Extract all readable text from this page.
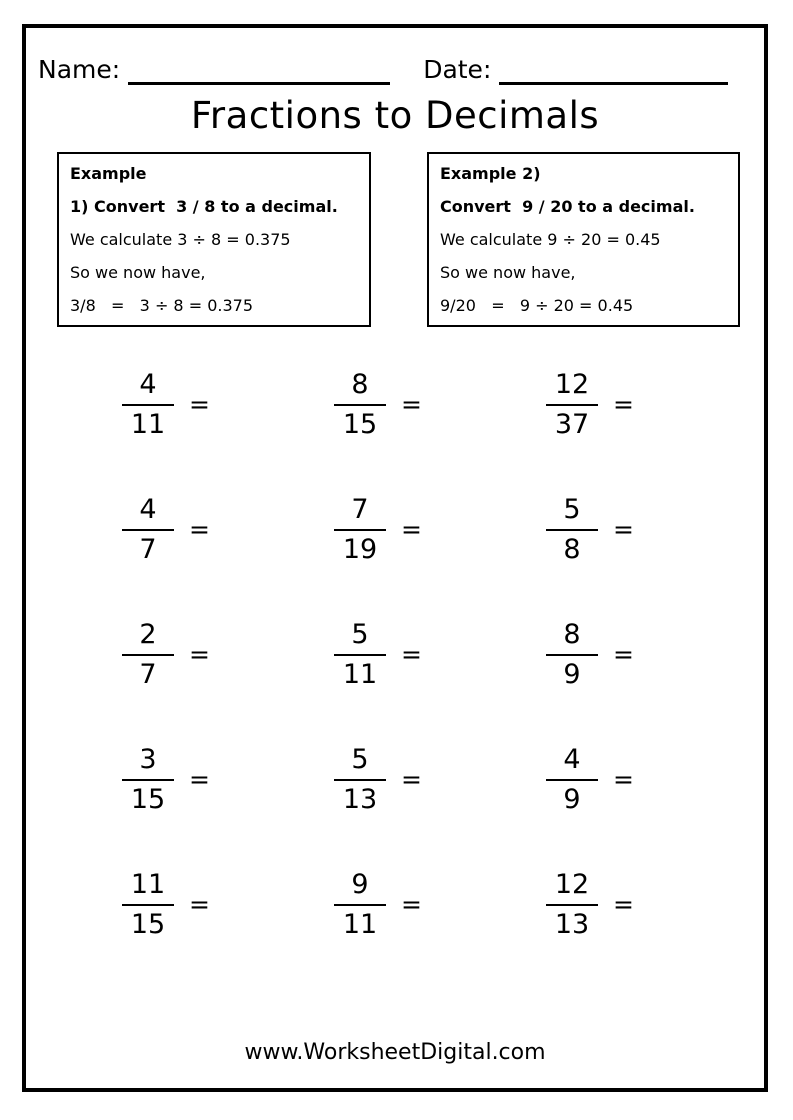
Name:	Date:
Fractions to Decimals
Example
1) Convert  3 / 8 to a decimal.
We calculate 3 ÷ 8 = 0.375
So we now have,
3/8   =   3 ÷ 8 = 0.375
Example 2)
Convert  9 / 20 to a decimal.
We calculate 9 ÷ 20 = 0.45
So we now have,
9/20   =   9 ÷ 20 = 0.45
$\frac{4}{11}$ =	$\frac{8}{15}$ =	$\frac{12}{37}$ =
$\frac{4}{7}$ =	$\frac{7}{19}$ =	$\frac{5}{8}$ =
$\frac{2}{7}$ =	$\frac{5}{11}$ =	$\frac{8}{9}$ =
$\frac{3}{15}$ =	$\frac{5}{13}$ =	$\frac{4}{9}$ =
$\frac{11}{15}$ =	$\frac{9}{11}$ =	$\frac{12}{13}$ =
www.WorksheetDigital.com
